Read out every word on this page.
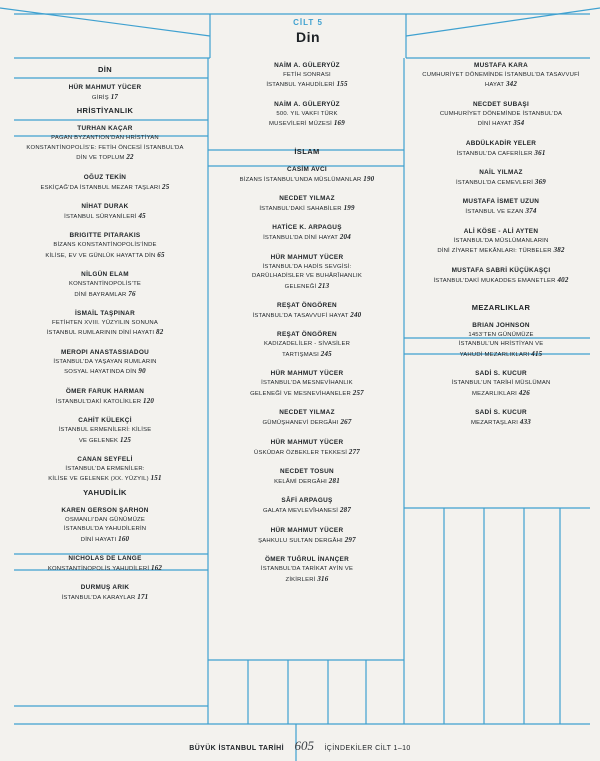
CİLT 5
Din
DİN
HÜR MAHMUT YÜCER
GİRİŞ 17
HRİSTİYANLIK
TURHAN KAÇAR
PAGAN BYZANTION’DAN HRİSTİYAN
KONSTANTİNOPOLİS’E: FETİH ÖNCESİ İSTANBUL’DA
DİN VE TOPLUM 22
OĞUZ TEKİN
ESKİÇAĞ’DA İSTANBUL MEZAR TAŞLARI 25
NİHAT DURAK
İSTANBUL SÜRYANİLERİ 45
BRIGITTE PITARAKIS
BİZANS KONSTANTİNOPOLİS’İNDE
KİLİSE, EV VE GÜNLÜK HAYATTA DİN 65
NİLGÜN ELAM
KONSTANTİNOPOLİS’TE
DİNİ BAYRAMLAR 76
İSMAİL TAŞPINAR
FETİHTEN XVIII. YÜZYILIN SONUNA
İSTANBUL RUMLARININ DİNİ HAYATI 82
MEROPI ANASTASSIADOU
İSTANBUL’DA YAŞAYAN RUMLARIN
SOSYAL HAYATINDA DİN 90
ÖMER FARUK HARMAN
İSTANBUL’DAKİ KATOLİKLER 120
CAHİT KÜLEKÇİ
İSTANBUL ERMENİLERİ: KİLİSE
VE GELENEK 125
CANAN SEYFELİ
İSTANBUL’DA ERMENİLER:
KİLİSE VE GELENEK (XX. YÜZYIL) 151
YAHUDİLİK
KAREN GERSON ŞARHON
OSMANLI’DAN GÜNÜMÜZE
İSTANBUL’DA YAHUDİLERİN
DİNİ HAYATI 160
NICHOLAS DE LANGE
KONSTANTİNOPOLİS YAHUDİLERİ 162
DURMUŞ ARIK
İSTANBUL’DA KARAYLAR 171
NAİM A. GÜLERYÜZ
FETİH SONRASI
İSTANBUL YAHUDİLERİ 155
NAİM A. GÜLERYÜZ
500. YIL VAKFI TÜRK
MUSEVİLERİ MÜZESİ 169
İSLAM
CASİM AVCI
BİZANS İSTANBUL’UNDA MÜSLÜMANLAR 190
NECDET YILMAZ
İSTANBUL’DAKİ SAHABİLER 199
HATİCE K. ARPAGUŞ
İSTANBUL’DA DİNİ HAYAT 204
HÜR MAHMUT YÜCER
İSTANBUL’DA HADİS SEVGİSİ:
DARÜLHADİSLER VE BUHÂRÎHANLIK
GELENEĞİ 213
REŞAT ÖNGÖREN
İSTANBUL’DA TASAVVUFİ HAYAT 240
REŞAT ÖNGÖREN
KADIZADELİLER - SİVASİLER
TARTIŞMASI 245
HÜR MAHMUT YÜCER
İSTANBUL’DA MESNEVİHANLIK
GELENEĞİ VE MESNEVİHANELER 257
NECDET YILMAZ
GÜMÜŞHANEVİ DERGÂHI 267
HÜR MAHMUT YÜCER
ÜSKÜDAR ÖZBEKLER TEKKESİ 277
NECDET TOSUN
KELÂMİ DERGÂHI 281
SÂFİ ARPAGUŞ
GALATA MEVLEVÎHANESİ 287
HÜR MAHMUT YÜCER
ŞAHKULU SULTAN DERGÂHI 297
ÖMER TUĞRUL İNANÇER
İSTANBUL’DA TARİKAT AYİN VE
ZİKİRLERİ 316
MUSTAFA KARA
CUMHURİYET DÖNEMİNDE İSTANBUL’DA TASAVVUFİ
HAYAT 342
NECDET SUBAŞI
CUMHURİYET DÖNEMİNDE İSTANBUL’DA
DİNİ HAYAT 354
ABDÜLKADİR YELER
İSTANBUL’DA CAFERİLER 361
NAİL YILMAZ
İSTANBUL’DA CEMEVLERİ 369
MUSTAFA İSMET UZUN
İSTANBUL VE EZAN 374
ALİ KÖSE - ALİ AYTEN
İSTANBUL’DA MÜSLÜMANLARIN
DİNİ ZİYARET MEKÂNLARI: TÜRBELER 382
MUSTAFA SABRİ KÜÇÜKAŞÇI
İSTANBUL’DAKİ MUKADDES EMANETLER 402
MEZARLIKLAR
BRIAN JOHNSON
1453’TEN GÜNÜMÜZE
İSTANBUL’UN HRİSTİYAN VE
YAHUDİ MEZARLIKLARI 415
SADİ S. KUCUR
İSTANBUL’UN TARİHİ MÜSLÜMAN
MEZARLIKLARI 426
SADİ S. KUCUR
MEZARTAŞLARI 433
BÜYÜK İSTANBUL TARİHİ 605 İÇİNDEKİLER CİLT 1–10
